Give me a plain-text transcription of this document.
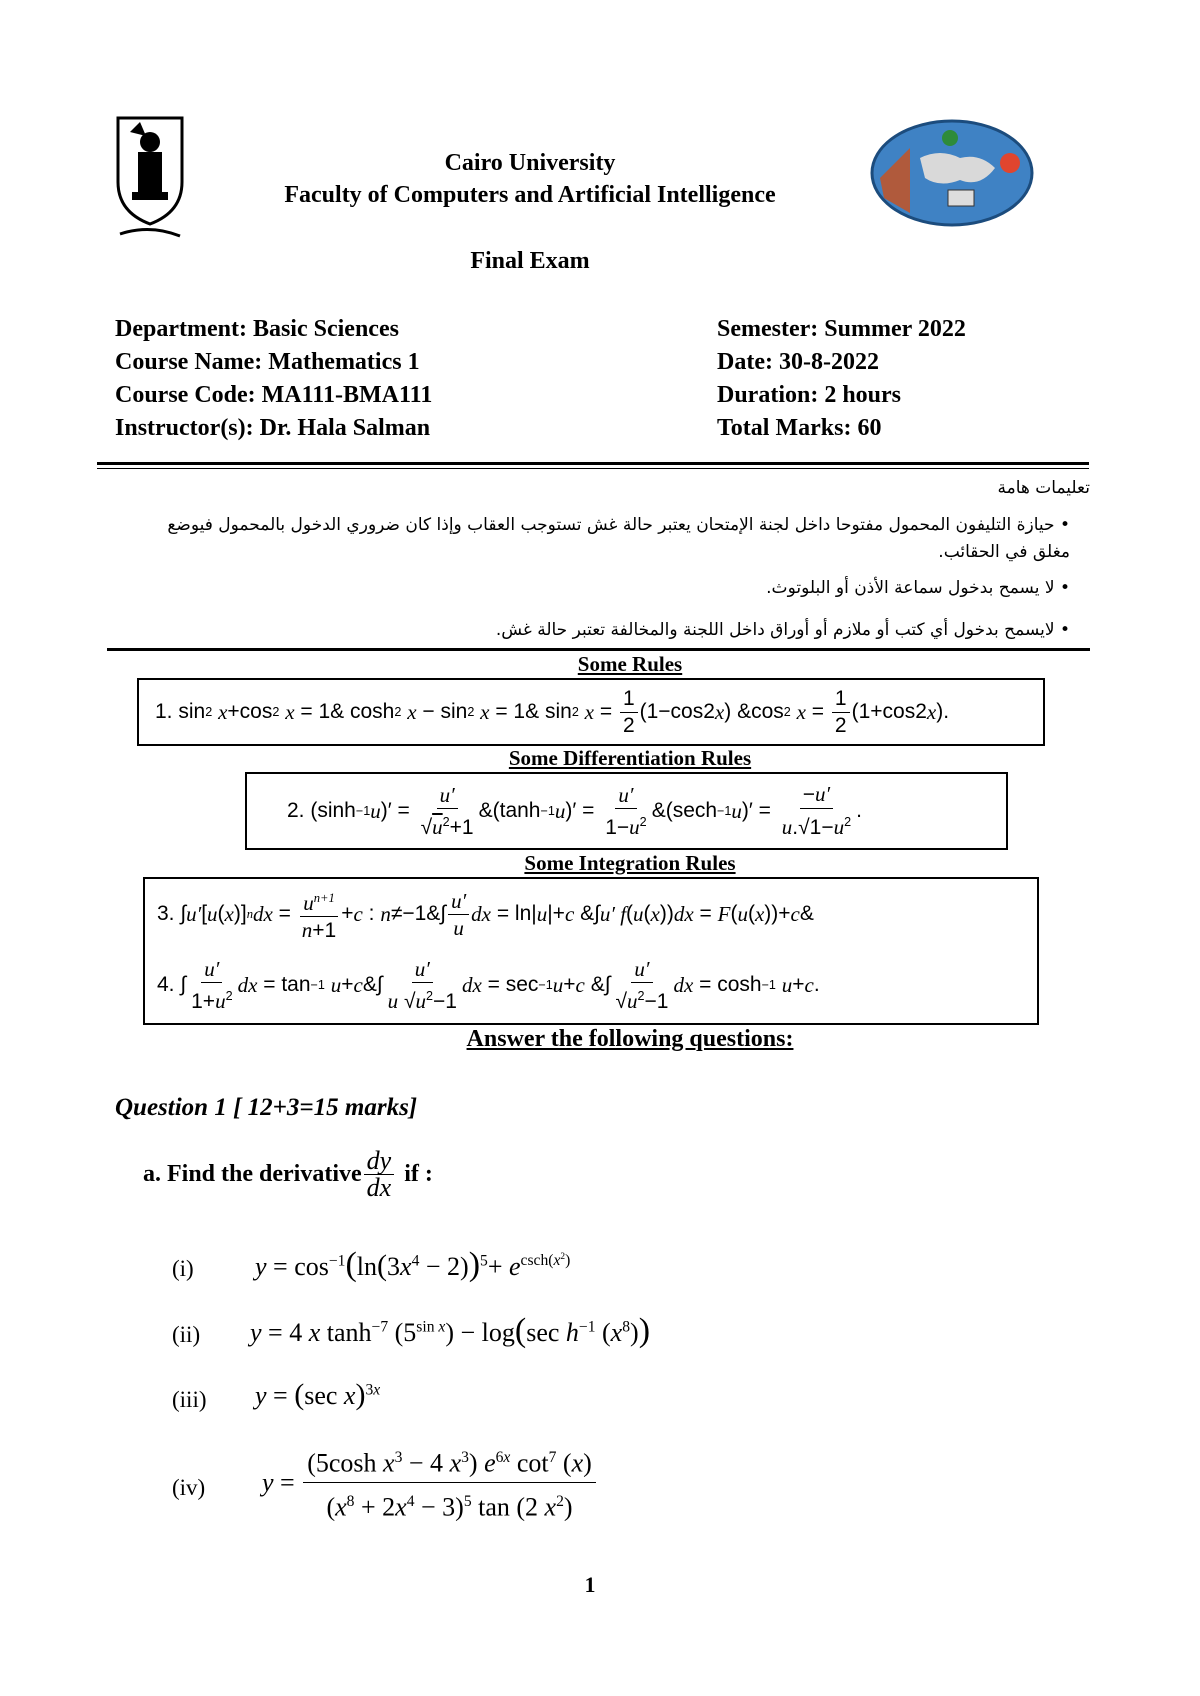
Cairo University
Faculty of Computers and Artificial Intelligence
Final Exam
Department: Basic Sciences
Course Name: Mathematics 1
Course Code: MA111-BMA111
Instructor(s): Dr. Hala Salman
Semester: Summer 2022
Date: 30-8-2022
Duration: 2 hours
Total Marks: 60
تعليمات هامة
• حيازة التليفون المحمول مفتوحا داخل لجنة الإمتحان يعتبر حالة غش تستوجب العقاب وإذا كان ضروري الدخول بالمحمول فيوضع مغلق في الحقائب.
• لا يسمح بدخول سماعة الأذن أو البلوتوث.
• لايسمح بدخول أي كتب أو ملازم أو أوراق داخل اللجنة والمخالفة تعتبر حالة غش.
Some Rules
1. sin 2
x +cos 2
x = 1& cosh 2
x − sin 2
x = 1& sin 2
$x = \frac{1}{2} (1-\cos 2$ x ) &cos 2
$x = \frac{1}{2} (1+\cos 2$ x ).
Some Differentiation Rules
2. (sinh −1 u )′ = $\frac{u'}{√u^2+1}$ &(tanh −1 u )′ = $\frac{u'}{1-u^2}$ &(sech −1 u )′ = $\frac{-u'}{u.√1-u^2}$ .
Some Integration Rules
3. ∫ u′ [ u ( x )] n dx = $\frac{u^{n+1}}{n+1} + c$ : n ≠−1&∫ $\frac{u'}{u}$ dx = ln| u |+ c &∫ u′ f ( u ( x )) dx = F ( u ( x ))+ c &
4. ∫ $\frac{u'}{1+u^2}$ dx = tan −1
u + c &∫ $\frac{u'}{u √u^2-1}$ dx = sec −1 u + c &∫ $\frac{u'}{√u^2-1}$ dx = cosh −1
u + c .
Answer the following questions:
Question 1 [ 12+3=15 marks]
a. Find the derivative $\frac{dy}{dx}$ if :
(i) $y = \cos^{-1}(\ln(3x^4 - 2))^5+ e^{csch(x^2)}$
(ii) y = 4 x $\tanh^{-7} (5^{sin x}) - \log(\sec$ $h^{-1}$ $(x^8)$)
(iii) y = (sec x)$^{3x}$
(iv) $y = \frac{(5\cosh x^3 - 4 x^3) e^{6x} \cot^7 (x)}{(x^8 + 2x^4 - 3)^5 \tan (2 x^2)}$
1
